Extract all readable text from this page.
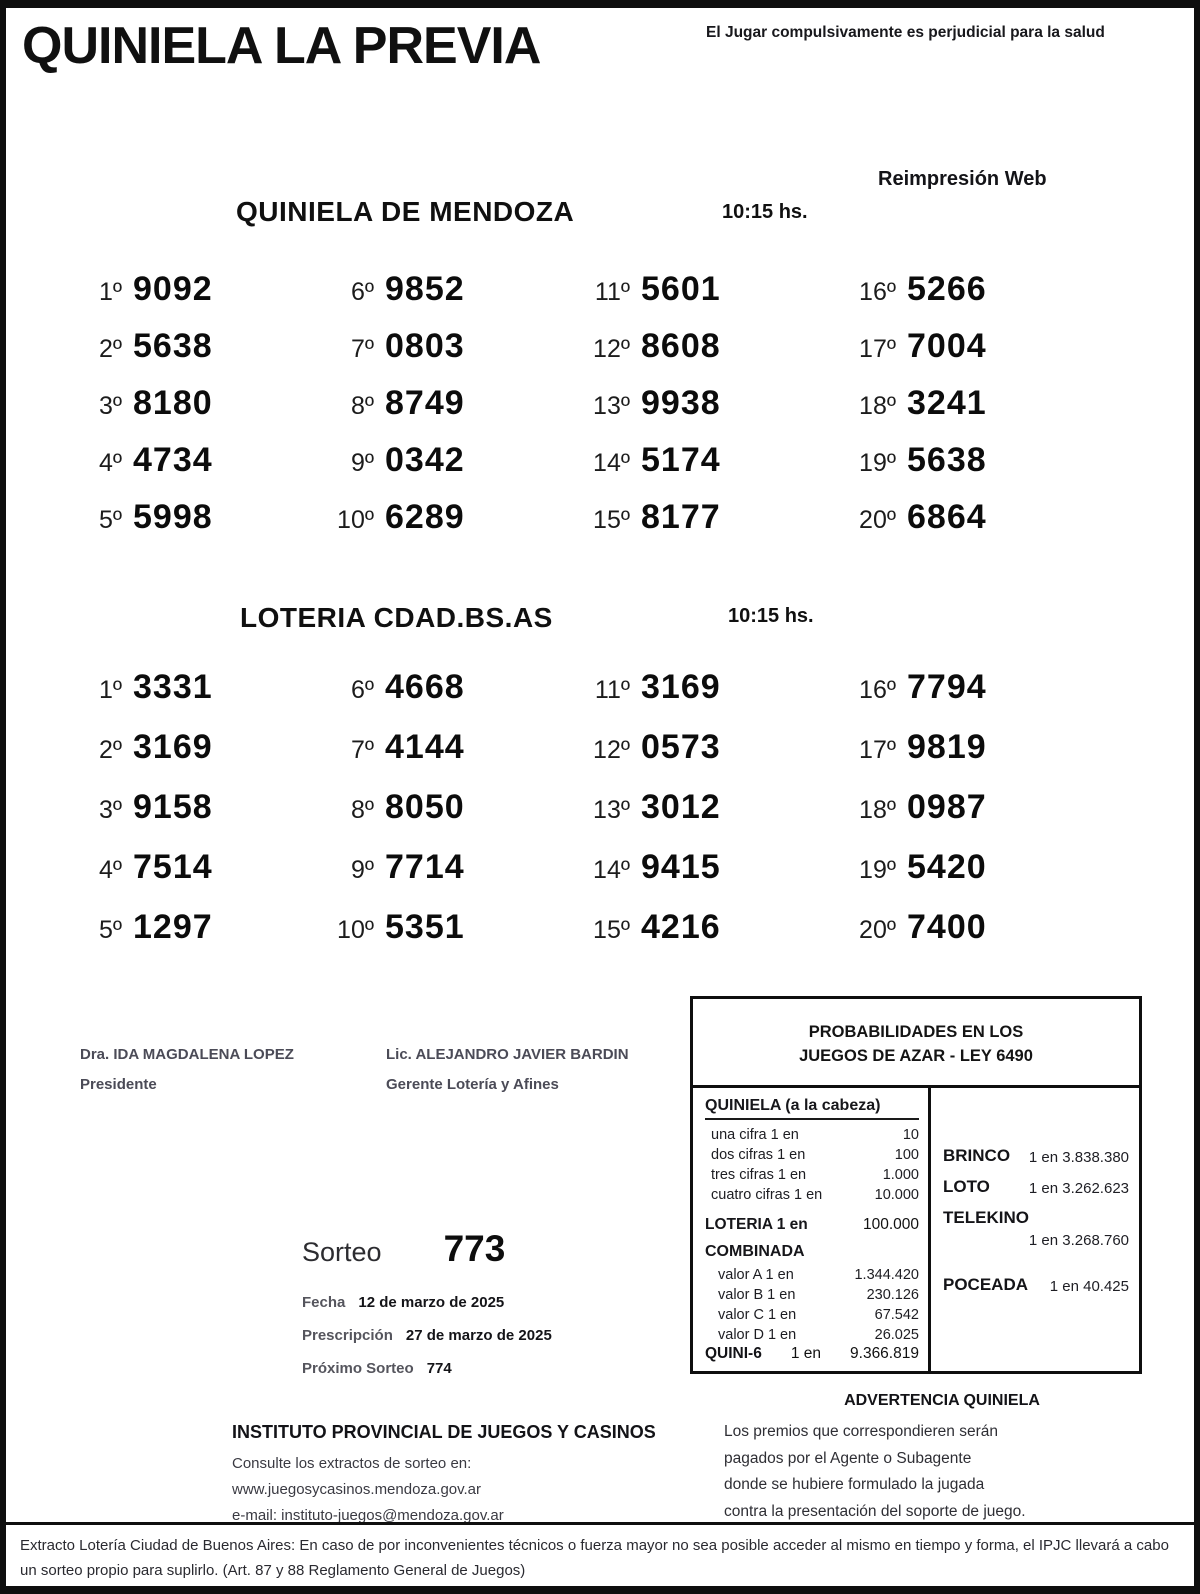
QUINIELA LA PREVIA	El Jugar compulsivamente es perjudicial para la salud
Reimpresión Web
QUINIELA DE MENDOZA	10:15 hs.
1º 9092
2º 5638
3º 8180
4º 4734
5º 5998
6º 9852
7º 0803
8º 8749
9º 0342
10º 6289
11º 5601
12º 8608
13º 9938
14º 5174
15º 8177
16º 5266
17º 7004
18º 3241
19º 5638
20º 6864
LOTERIA CDAD.BS.AS	10:15 hs.
1º 3331
2º 3169
3º 9158
4º 7514
5º 1297
6º 4668
7º 4144
8º 8050
9º 7714
10º 5351
11º 3169
12º 0573
13º 3012
14º 9415
15º 4216
16º 7794
17º 9819
18º 0987
19º 5420
20º 7400
Dra. IDA MAGDALENA LOPEZ
Presidente
Lic. ALEJANDRO JAVIER BARDIN
Gerente Lotería y Afines
PROBABILIDADES EN LOS
JUEGOS DE AZAR - LEY 6490
QUINIELA (a la cabeza)
una cifra 1 en	10
dos cifras 1 en	100
tres cifras 1 en	1.000
cuatro cifras 1 en	10.000
LOTERIA 1 en	100.000
COMBINADA
valor A 1 en	1.344.420
valor B 1 en	230.126
valor C 1 en	67.542
valor D 1 en	26.025
QUINI-6 1 en 9.366.819
BRINCO 1 en 3.838.380
LOTO	1 en 3.262.623
TELEKINO
1 en 3.268.760
POCEADA 1 en 40.425
Sorteo 773
Fecha 12 de marzo de 2025
Prescripción 27 de marzo de 2025
Próximo Sorteo 774
ADVERTENCIA QUINIELA
Los premios que correspondieren serán
pagados por el Agente o Subagente
donde se hubiere formulado la jugada
contra la presentación del soporte de juego.
INSTITUTO PROVINCIAL DE JUEGOS Y CASINOS
Consulte los extractos de sorteo en:
www.juegosycasinos.mendoza.gov.ar
e-mail: instituto-juegos@mendoza.gov.ar
Extracto Lotería Ciudad de Buenos Aires: En caso de por inconvenientes técnicos o fuerza mayor no sea posible acceder al mismo en tiempo y forma, el IPJC llevará a cabo un sorteo propio para suplirlo. (Art. 87 y 88 Reglamento General de Juegos)
